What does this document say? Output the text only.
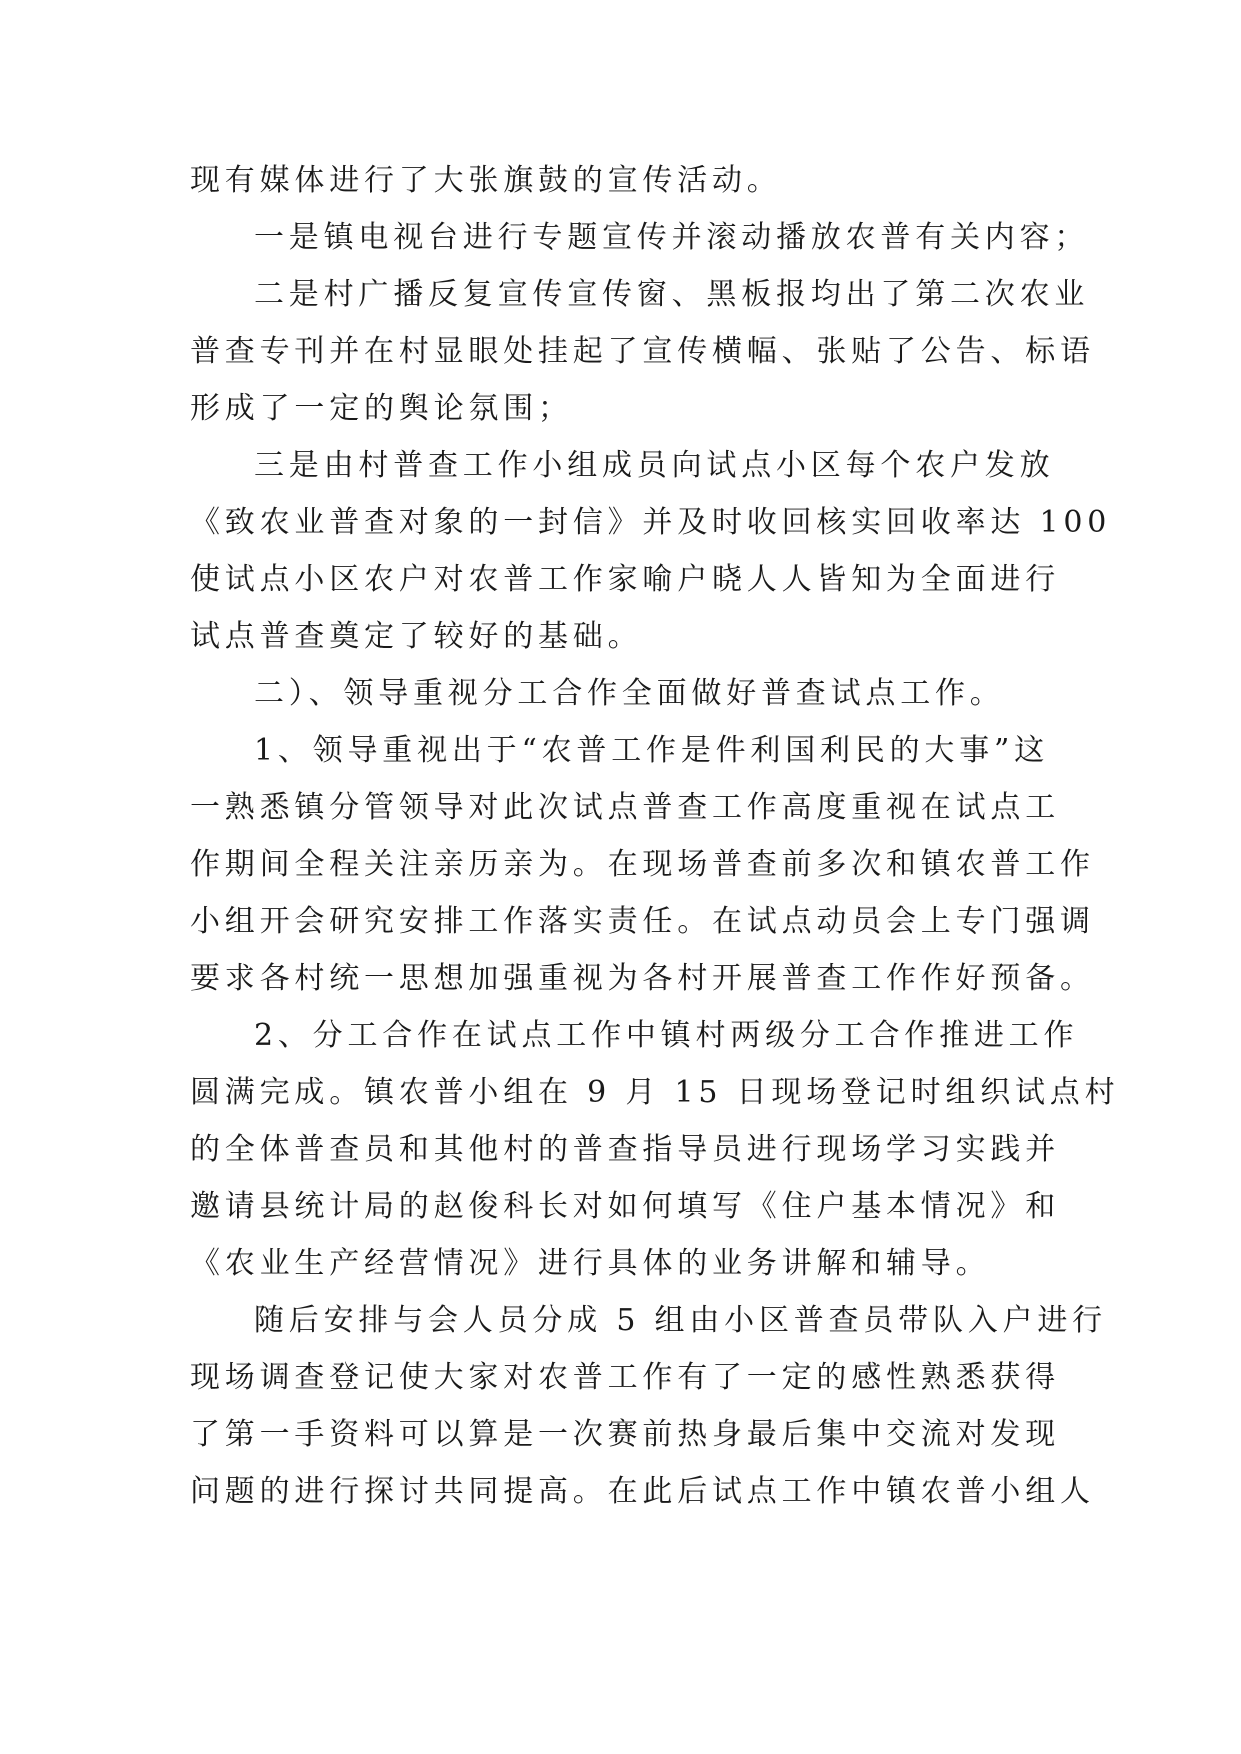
现有媒体进行了大张旗鼓的宣传活动。
一是镇电视台进行专题宣传并滚动播放农普有关内容；
二是村广播反复宣传宣传窗、黑板报均出了第二次农业
普查专刊并在村显眼处挂起了宣传横幅、张贴了公告、标语
形成了一定的舆论氛围；
三是由村普查工作小组成员向试点小区每个农户发放
《致农业普查对象的一封信》并及时收回核实回收率达 100
使试点小区农户对农普工作家喻户晓人人皆知为全面进行
试点普查奠定了较好的基础。
二）、领导重视分工合作全面做好普查试点工作。
1、领导重视出于“农普工作是件利国利民的大事”这
一熟悉镇分管领导对此次试点普查工作高度重视在试点工
作期间全程关注亲历亲为。在现场普查前多次和镇农普工作
小组开会研究安排工作落实责任。在试点动员会上专门强调
要求各村统一思想加强重视为各村开展普查工作作好预备。
2、分工合作在试点工作中镇村两级分工合作推进工作
圆满完成。镇农普小组在 9 月 15 日现场登记时组织试点村
的全体普查员和其他村的普查指导员进行现场学习实践并
邀请县统计局的赵俊科长对如何填写《住户基本情况》和
《农业生产经营情况》进行具体的业务讲解和辅导。
随后安排与会人员分成 5 组由小区普查员带队入户进行
现场调查登记使大家对农普工作有了一定的感性熟悉获得
了第一手资料可以算是一次赛前热身最后集中交流对发现
问题的进行探讨共同提高。在此后试点工作中镇农普小组人
